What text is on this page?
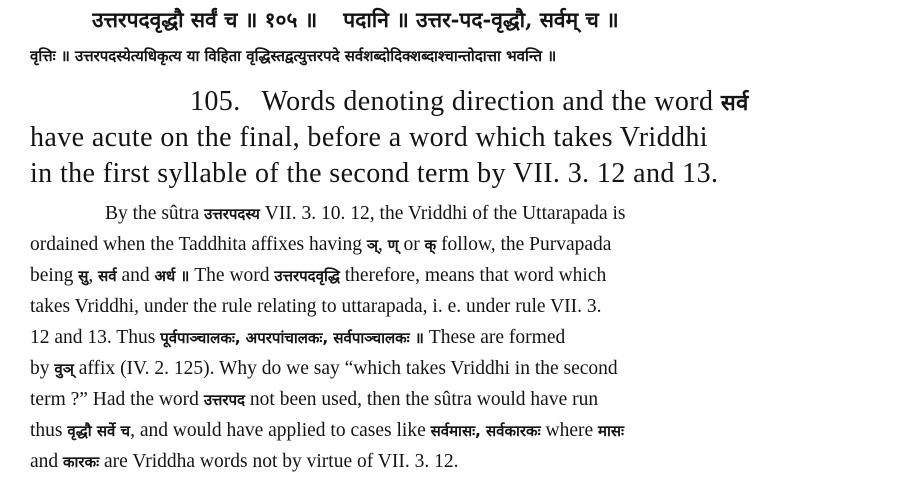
उत्तरपदवृद्धौ सर्वं च ॥ १०५ ॥ पदानि ॥ उत्तर-पद-वृद्धौ, सर्वम् च ॥
वृत्तिः ॥ उत्तरपदस्येत्यधिकृत्य या विहिता वृद्धिस्तद्वत्युत्तरपदे सर्वशब्दोदिक्शब्दाश्चान्तोदात्ता भवन्ति ॥
105. Words denoting direction and the word सर्व
have acute on the final, before a word which takes Vriddhi
in the first syllable of the second term by VII. 3. 12 and 13.
By the sûtra उत्तरपदस्य VII. 3. 10. 12, the Vriddhi of the Uttarapada is
ordained when the Taddhita affixes having ञ्, ण् or क् follow, the Purvapada
being सु, सर्व and अर्ध ॥ The word उत्तरपदवृद्धि therefore, means that word which
takes Vriddhi, under the rule relating to uttarapada, i. e. under rule VII. 3.
12 and 13. Thus पूर्वपाञ्चालकः, अपरपांचालकः, सर्वपाञ्चालकः ॥ These are formed
by वुञ् affix (IV. 2. 125). Why do we say “which takes Vriddhi in the second
term ?” Had the word उत्तरपद not been used, then the sûtra would have run
thus वृद्धौ सर्वे च, and would have applied to cases like सर्वमासः, सर्वकारकः where मासः
and कारकः are Vriddha words not by virtue of VII. 3. 12.
